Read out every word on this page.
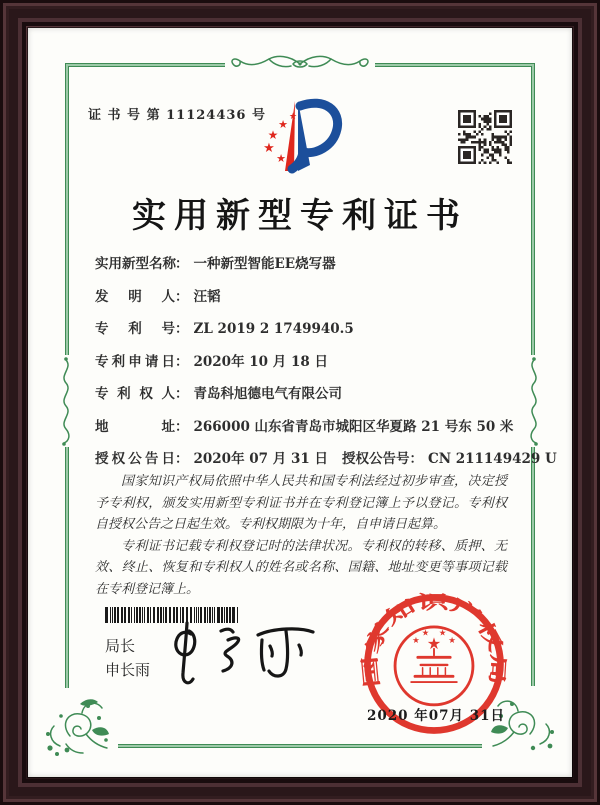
证 书 号 第 11124436 号	★
★
★
★
★
实用新型专利证书
实用新型名称： 一种新型智能EE烧写器
发明人： 汪韬
专利号： ZL 2019 2 1749940.5
专利申请日： 2020年 10 月 18 日
专利权人： 青岛科旭德电气有限公司
地址： 266000 山东省青岛市城阳区华夏路 21 号东 50 米
授权公告日： 2020年 07 月 31 日 授权公告号： CN 211149429 U

国家知识产权局依照中华人民共和国专利法经过初步审查，决定授予专利权，颁发实用新型专利证书并在专利登记簿上予以登记。专利权自授权公告之日起生效。专利权期限为十年，自申请日起算。

专利证书记载专利权登记时的法律状况。专利权的转移、质押、无效、终止、恢复和专利权人的姓名或名称、国籍、地址变更等事项记载在专利登记簿上。

局长
申长雨	国家知识产权局
★
★
★ ★
★
2020 年07月 31日
